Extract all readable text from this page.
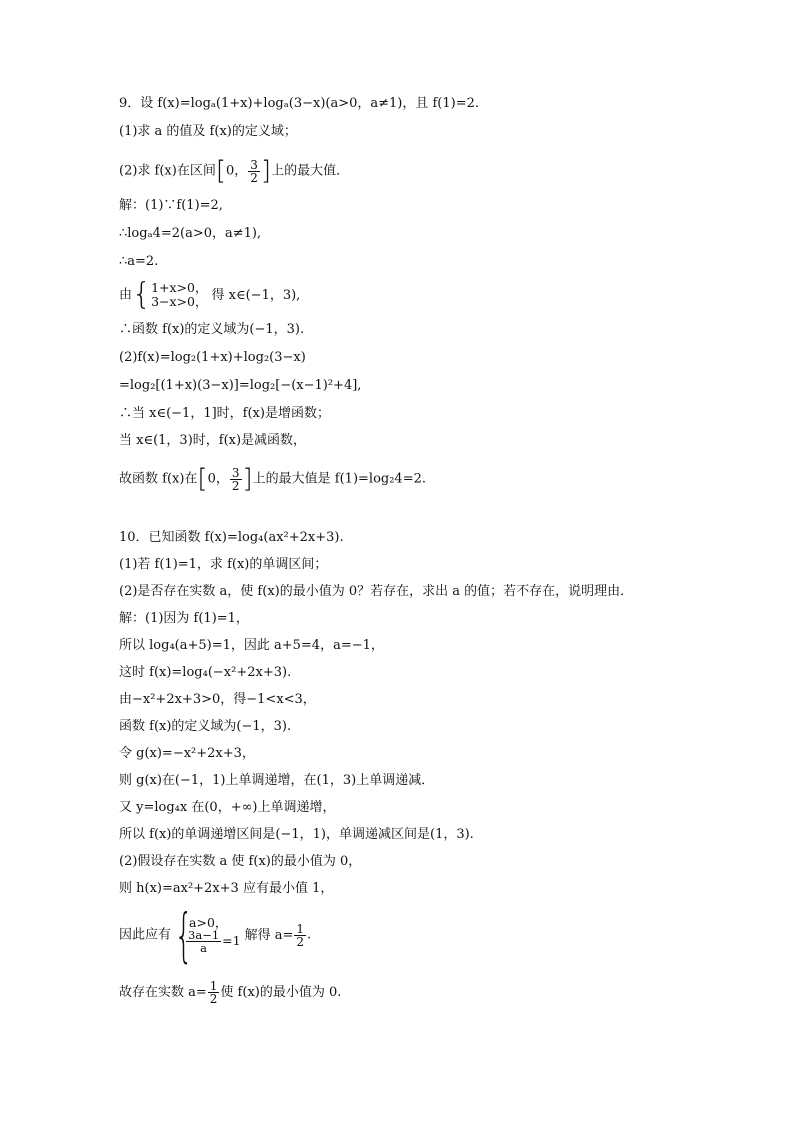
9．设 f(x)=logₐ(1+x)+logₐ(3−x)(a>0，a≠1)，且 f(1)=2.
(1)求 a 的值及 f(x)的定义域；
(2)求 f(x)在区间[0， $\frac{3}{2}$ ]上的最大值．
解：(1)∵f(1)=2,
∴logₐ4=2(a>0，a≠1),
∴a=2.
由{1+x>0，
3−x>0， 得 x∈(−1，3),
∴函数 f(x)的定义域为(−1，3).
(2)f(x)=log₂(1+x)+log₂(3−x)
=log₂[(1+x)(3−x)]=log₂[−(x−1)²+4],
∴当 x∈(−1，1]时，f(x)是增函数；
当 x∈(1，3)时，f(x)是减函数，
故函数 f(x)在[0， $\frac{3}{2}$ ]上的最大值是 f(1)=log₂4=2.
10．已知函数 f(x)=log₄(ax²+2x+3).
(1)若 f(1)=1，求 f(x)的单调区间；
(2)是否存在实数 a，使 f(x)的最小值为 0？若存在，求出 a 的值；若不存在，说明理由．
解：(1)因为 f(1)=1，
所以 log₄(a+5)=1，因此 a+5=4，a=−1，
这时 f(x)=log₄(−x²+2x+3).
由−x²+2x+3>0，得−1<x<3，
函数 f(x)的定义域为(−1，3).
令 g(x)=−x²+2x+3，
则 g(x)在(−1，1)上单调递增，在(1，3)上单调递减．
又 y=log₄x 在(0，+∞)上单调递增，
所以 f(x)的单调递增区间是(−1，1)，单调递减区间是(1，3).
(2)假设存在实数 a 使 f(x)的最小值为 0，
则 h(x)=ax²+2x+3 应有最小值 1，
因此应有{a>0，

$\frac{3a-1}{a} =1$ 解得 $a= \frac{1}{2}$ .
故存在实数 $a= \frac{1}{2}$ 使 f(x)的最小值为 0.
